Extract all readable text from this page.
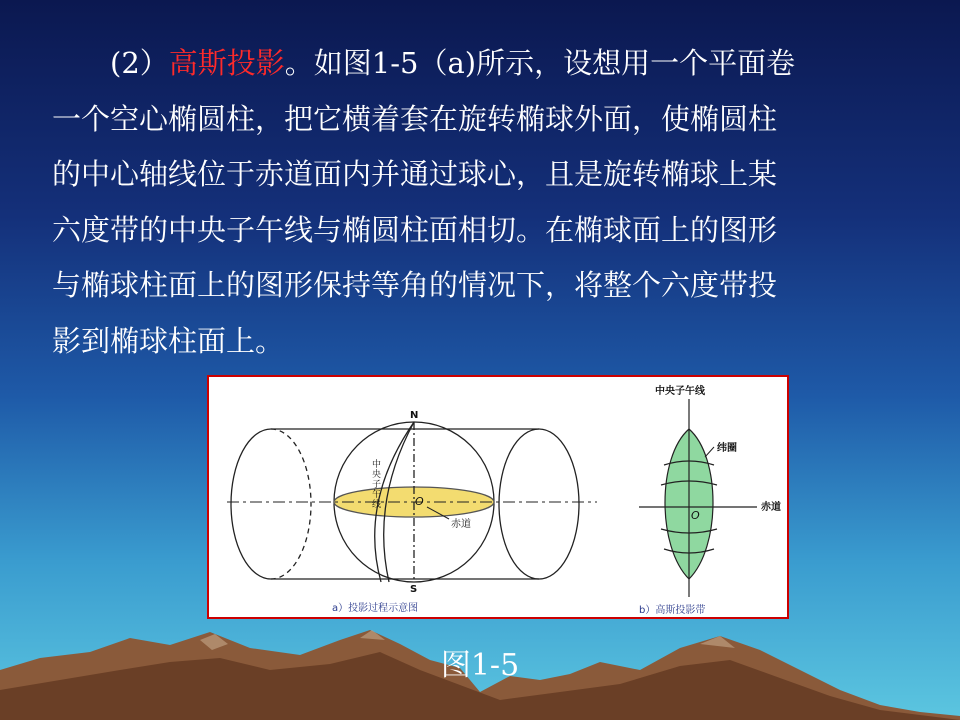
(2）高斯投影。如图1-5（a)所示，设想用一个平面卷
一个空心椭圆柱，把它横着套在旋转椭球外面，使椭圆柱
的中心轴线位于赤道面内并通过球心，且是旋转椭球上某
六度带的中央子午线与椭圆柱面相切。在椭球面上的图形
与椭球柱面上的图形保持等角的情况下，将整个六度带投
影到椭球柱面上。
N
S
O
赤道
中央子午线
a）投影过程示意图
中央子午线
纬圈
赤道
O
b）高斯投影带
图1-5
